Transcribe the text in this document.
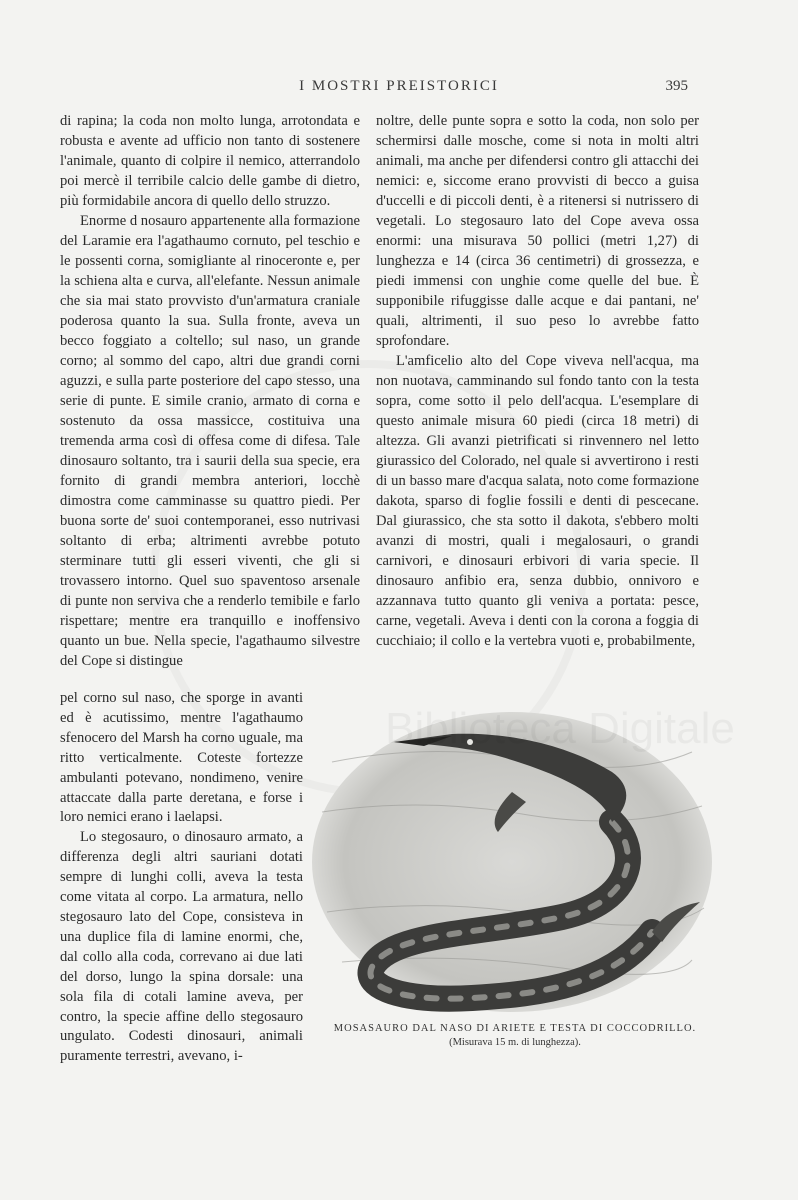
I MOSTRI PREISTORICI	395

di rapina; la coda non molto lunga, arrotondata e robusta e avente ad ufficio non tanto di sostenere l'animale, quanto di colpire il nemico, atterrandolo poi mercè il terribile calcio delle gambe di dietro, più formidabile ancora di quello dello struzzo.

Enorme d nosauro appartenente alla formazione del Laramie era l'agathaumo cornuto, pel teschio e le possenti corna, somigliante al rinoceronte e, per la schiena alta e curva, all'elefante. Nessun animale che sia mai stato provvisto d'un'armatura craniale poderosa quanto la sua. Sulla fronte, aveva un becco foggiato a coltello; sul naso, un grande corno; al sommo del capo, altri due grandi corni aguzzi, e sulla parte posteriore del capo stesso, una serie di punte. E simile cranio, armato di corna e sostenuto da ossa massicce, costituiva una tremenda arma così di offesa come di difesa. Tale dinosauro soltanto, tra i saurii della sua specie, era fornito di grandi membra anteriori, locchè dimostra come camminasse su quattro piedi. Per buona sorte de' suoi contemporanei, esso nutrivasi soltanto di erba; altrimenti avrebbe potuto sterminare tutti gli esseri viventi, che gli si trovassero intorno. Quel suo spaventoso arsenale di punte non serviva che a renderlo temibile e farlo rispettare; mentre era tranquillo e inoffensivo quanto un bue. Nella specie, l'agathaumo silvestre del Cope si distingue

noltre, delle punte sopra e sotto la coda, non solo per schermirsi dalle mosche, come si nota in molti altri animali, ma anche per difendersi contro gli attacchi dei nemici: e, siccome erano provvisti di becco a guisa d'uccelli e di piccoli denti, è a ritenersi si nutrissero di vegetali. Lo stegosauro lato del Cope aveva ossa enormi: una misurava 50 pollici (metri 1,27) di lunghezza e 14 (circa 36 centimetri) di grossezza, e piedi immensi con unghie come quelle del bue. È supponibile rifuggisse dalle acque e dai pantani, ne' quali, altrimenti, il suo peso lo avrebbe fatto sprofondare.

L'amficelio alto del Cope viveva nell'acqua, ma non nuotava, camminando sul fondo tanto con la testa sopra, come sotto il pelo dell'acqua. L'esemplare di questo animale misura 60 piedi (circa 18 metri) di altezza. Gli avanzi pietrificati si rinvennero nel letto giurassico del Colorado, nel quale si avvertirono i resti di un basso mare d'acqua salata, noto come formazione dakota, sparso di foglie fossili e denti di pescecane. Dal giurassico, che sta sotto il dakota, s'ebbero molti avanzi di mostri, quali i megalosauri, o grandi carnivori, e dinosauri erbivori di varia specie. Il dinosauro anfibio era, senza dubbio, onnivoro e azzannava tutto quanto gli veniva a portata: pesce, carne, vegetali. Aveva i denti con la corona a foggia di cucchiaio; il collo e la vertebra vuoti e, probabilmente,

pel corno sul naso, che sporge in avanti ed è acutissimo, mentre l'agathaumo sfenocero del Marsh ha corno uguale, ma ritto verticalmente. Coteste fortezze ambulanti potevano, nondimeno, venire attaccate dalla parte deretana, e forse i loro nemici erano i laelapsi.

Lo stegosauro, o dinosauro armato, a differenza degli altri sauriani dotati sempre di lunghi colli, aveva la testa come vitata al corpo. La armatura, nello stegosauro lato del Cope, consisteva in una duplice fila di lamine enormi, che, dal collo alla coda, correvano ai due lati del dorso, lungo la spina dorsale: una sola fila di cotali lamine aveva, per contro, la specie affine dello stegosauro ungulato. Codesti dinosauri, animali puramente terrestri, avevano, i-

MOSASAURO DAL NASO DI ARIETE E TESTA DI COCCODRILLO.
(Misurava 15 m. di lunghezza).
